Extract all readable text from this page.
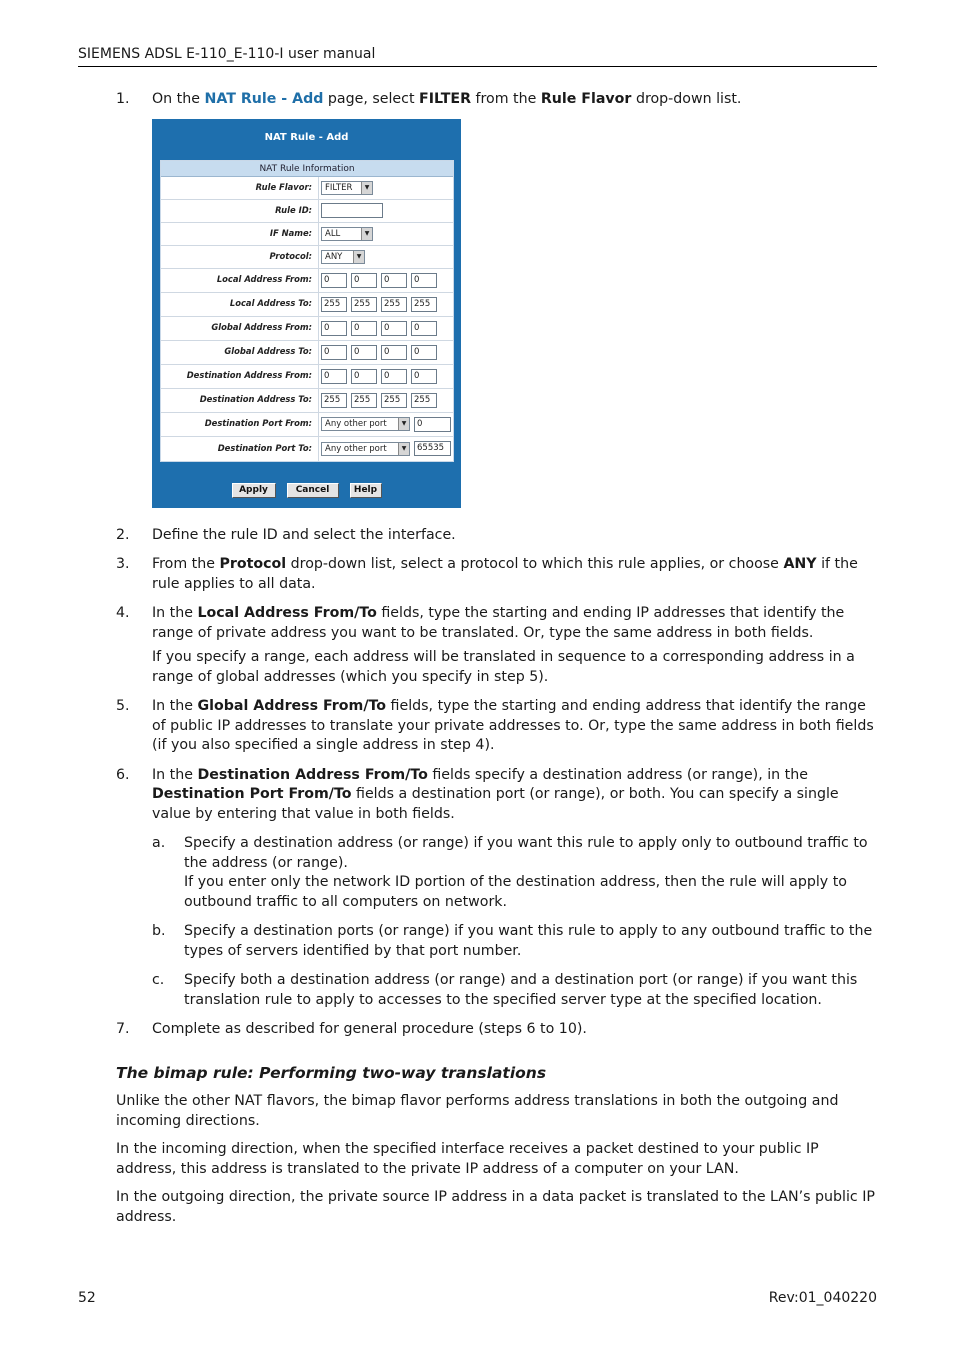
SIEMENS ADSL E-110_E-110-I user manual
1. On the NAT Rule - Add page, select FILTER from the Rule Flavor drop-down list.

NAT Rule - Add
NAT Rule Information
Rule Flavor:	FILTER	▼
Rule ID:
IF Name:	ALL	▼
Protocol:	ANY	▼
Local Address From:	0	0	0	0
Local Address To:	255	255	255	255
Global Address From:	0	0	0	0
Global Address To:	0	0	0	0
Destination Address From:	0	0	0	0
Destination Address To:	255	255	255	255
Destination Port From:	Any other port	▼	0
Destination Port To:	Any other port	▼	65535
Apply	Cancel	Help
2. Define the rule ID and select the interface.

3. From the Protocol drop-down list, select a protocol to which this rule applies, or choose ANY if the rule applies to all data.

4. In the Local Address From/To fields, type the starting and ending IP addresses that identify the range of private address you want to be translated. Or, type the same address in both fields.

If you specify a range, each address will be translated in sequence to a corresponding address in a range of global addresses (which you specify in step 5).

5. In the Global Address From/To fields, type the starting and ending address that identify the range of public IP addresses to translate your private addresses to. Or, type the same address in both fields (if you also specified a single address in step 4).

6. In the Destination Address From/To fields specify a destination address (or range), in the Destination Port From/To fields a destination port (or range), or both. You can specify a single value by entering that value in both fields.

a. Specify a destination address (or range) if you want this rule to apply only to outbound traffic to the address (or range).

If you enter only the network ID portion of the destination address, then the rule will apply to outbound traffic to all computers on network.

b. Specify a destination ports (or range) if you want this rule to apply to any outbound traffic to the types of servers identified by that port number.

c. Specify both a destination address (or range) and a destination port (or range) if you want this translation rule to apply to accesses to the specified server type at the specified location.

7. Complete as described for general procedure (steps 6 to 10).

The bimap rule: Performing two-way translations

Unlike the other NAT flavors, the bimap flavor performs address translations in both the outgoing and incoming directions.

In the incoming direction, when the specified interface receives a packet destined to your public IP address, this address is translated to the private IP address of a computer on your LAN.

In the outgoing direction, the private source IP address in a data packet is translated to the LAN’s public IP address.

52	Rev:01_040220
